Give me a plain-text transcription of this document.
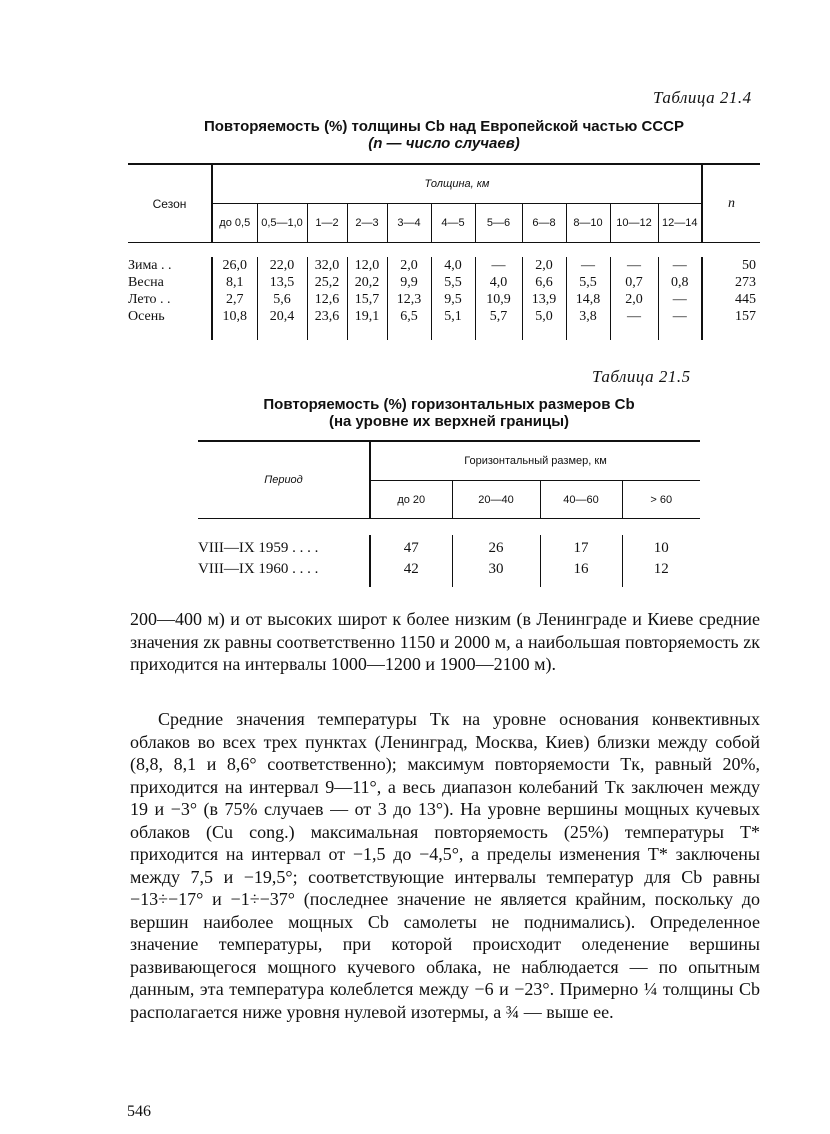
Таблица 21.4
Повторяемость (%) толщины Cb над Европейской частью СССР
(n — число случаев)
Сезон	Толщина, км											n
	до 0,5	0,5—1,0	1—2	2—3	3—4	4—5	5—6	6—8	8—10	10—12	12—14	

Зима . .	26,0	22,0	32,0	12,0	2,0	4,0	—	2,0	—	—	—	50
Весна	8,1	13,5	25,2	20,2	9,9	5,5	4,0	6,6	5,5	0,7	0,8	273
Лето . .	2,7	5,6	12,6	15,7	12,3	9,5	10,9	13,9	14,8	2,0	—	445
Осень	10,8	20,4	23,6	19,1	6,5	5,1	5,7	5,0	3,8	—	—	157
Таблица 21.5
Повторяемость (%) горизонтальных размеров Cb
(на уровне их верхней границы)
Период	Горизонтальный размер, км			
	до 20	20—40	40—60	> 60

VIII—IX 1959 . . . .	47	26	17	10
VIII—IX 1960 . . . .	42	30	16	12

200—400 м) и от высоких широт к более низким (в Ленинграде и Киеве средние значения zк равны соответственно 1150 и 2000 м, а наибольшая повторяемость zк приходится на интервалы 1000—1200 и 1900—2100 м).

Средние значения температуры Tк на уровне основания конвективных облаков во всех трех пунктах (Ленинград, Москва, Киев) близки между собой (8,8, 8,1 и 8,6° соответственно); максимум повторяемости Tк, равный 20%, приходится на интервал 9—11°, а весь диапазон колебаний Tк заключен между 19 и −3° (в 75% случаев — от 3 до 13°). На уровне вершины мощных кучевых облаков (Cu cong.) максимальная повторяемость (25%) температуры T* приходится на интервал от −1,5 до −4,5°, а пределы изменения T* заключены между 7,5 и −19,5°; соответствующие интервалы температур для Cb равны −13÷−17° и −1÷−37° (последнее значение не является крайним, поскольку до вершин наиболее мощных Cb самолеты не поднимались). Определенное значение температуры, при которой происходит оледенение вершины развивающегося мощного кучевого облака, не наблюдается — по опытным данным, эта температура колеблется между −6 и −23°. Примерно ¼ толщины Cb располагается ниже уровня нулевой изотермы, а ¾ — выше ее.

546
